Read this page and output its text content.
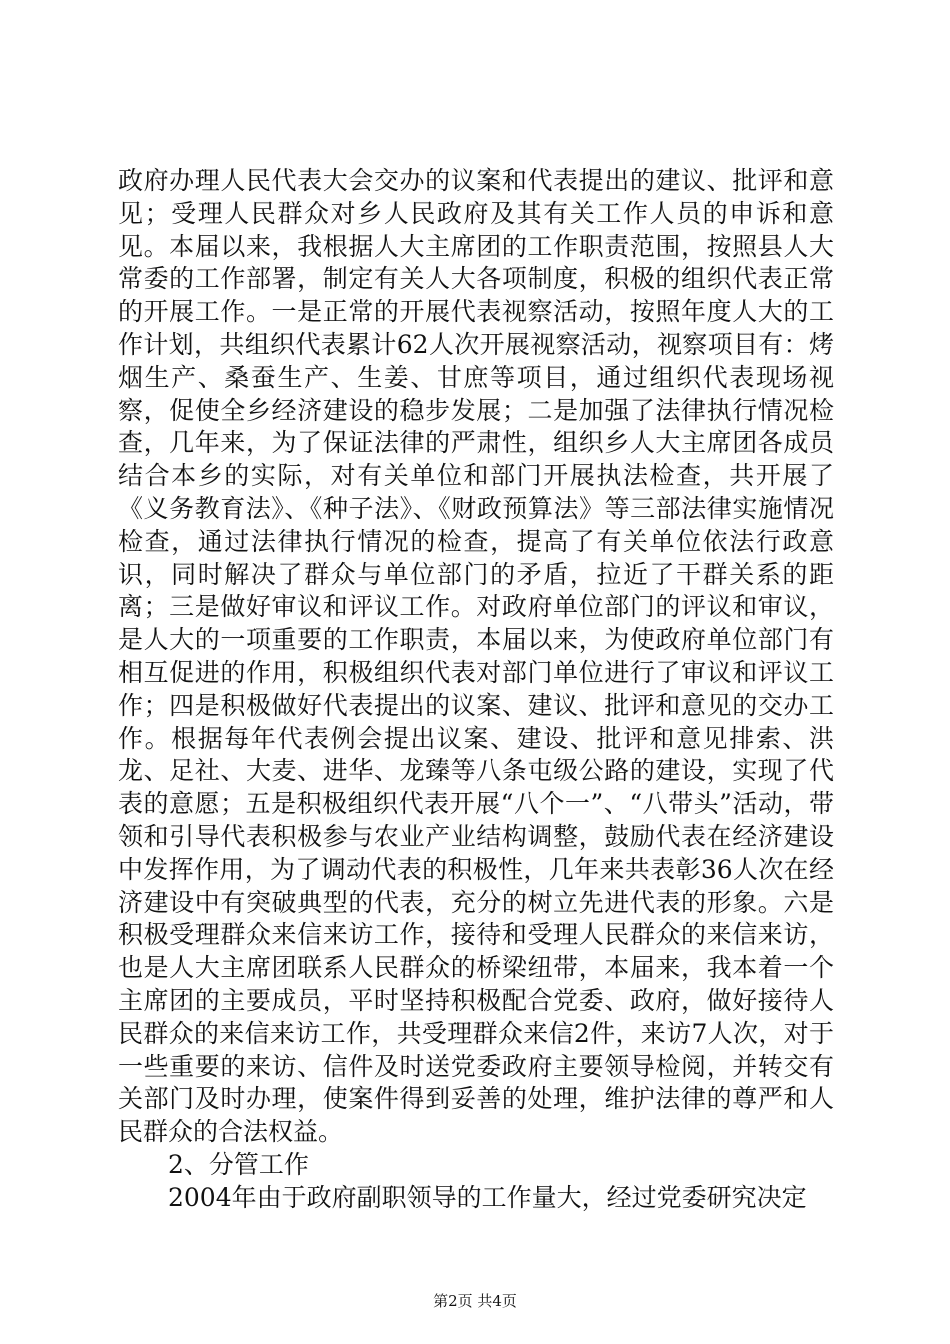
政府办理人民代表大会交办的议案和代表提出的建议、批评和意见；受理人民群众对乡人民政府及其有关工作人员的申诉和意见。本届以来，我根据人大主席团的工作职责范围，按照县人大常委的工作部署，制定有关人大各项制度，积极的组织代表正常的开展工作。一是正常的开展代表视察活动，按照年度人大的工作计划，共组织代表累计62人次开展视察活动，视察项目有：烤烟生产、桑蚕生产、生姜、甘庶等项目，通过组织代表现场视察，促使全乡经济建设的稳步发展；二是加强了法律执行情况检查，几年来，为了保证法律的严肃性，组织乡人大主席团各成员结合本乡的实际，对有关单位和部门开展执法检查，共开展了《义务教育法》、《种子法》、《财政预算法》等三部法律实施情况检查，通过法律执行情况的检查，提高了有关单位依法行政意识，同时解决了群众与单位部门的矛盾，拉近了干群关系的距离；三是做好审议和评议工作。对政府单位部门的评议和审议，是人大的一项重要的工作职责，本届以来，为使政府单位部门有相互促进的作用，积极组织代表对部门单位进行了审议和评议工作；四是积极做好代表提出的议案、建议、批评和意见的交办工作。根据每年代表例会提出议案、建设、批评和意见排索、洪龙、足社、大麦、进华、龙臻等八条屯级公路的建设，实现了代表的意愿；五是积极组织代表开展“八个一”、“八带头”活动，带领和引导代表积极参与农业产业结构调整，鼓励代表在经济建设中发挥作用，为了调动代表的积极性，几年来共表彰36人次在经济建设中有突破典型的代表，充分的树立先进代表的形象。六是积极受理群众来信来访工作，接待和受理人民群众的来信来访，也是人大主席团联系人民群众的桥梁纽带，本届来，我本着一个主席团的主要成员，平时坚持积极配合党委、政府，做好接待人民群众的来信来访工作，共受理群众来信2件，来访7人次，对于一些重要的来访、信件及时送党委政府主要领导检阅，并转交有关部门及时办理，使案件得到妥善的处理，维护法律的尊严和人民群众的合法权益。

2、分管工作

2004年由于政府副职领导的工作量大，经过党委研究决定

第2页 共4页
